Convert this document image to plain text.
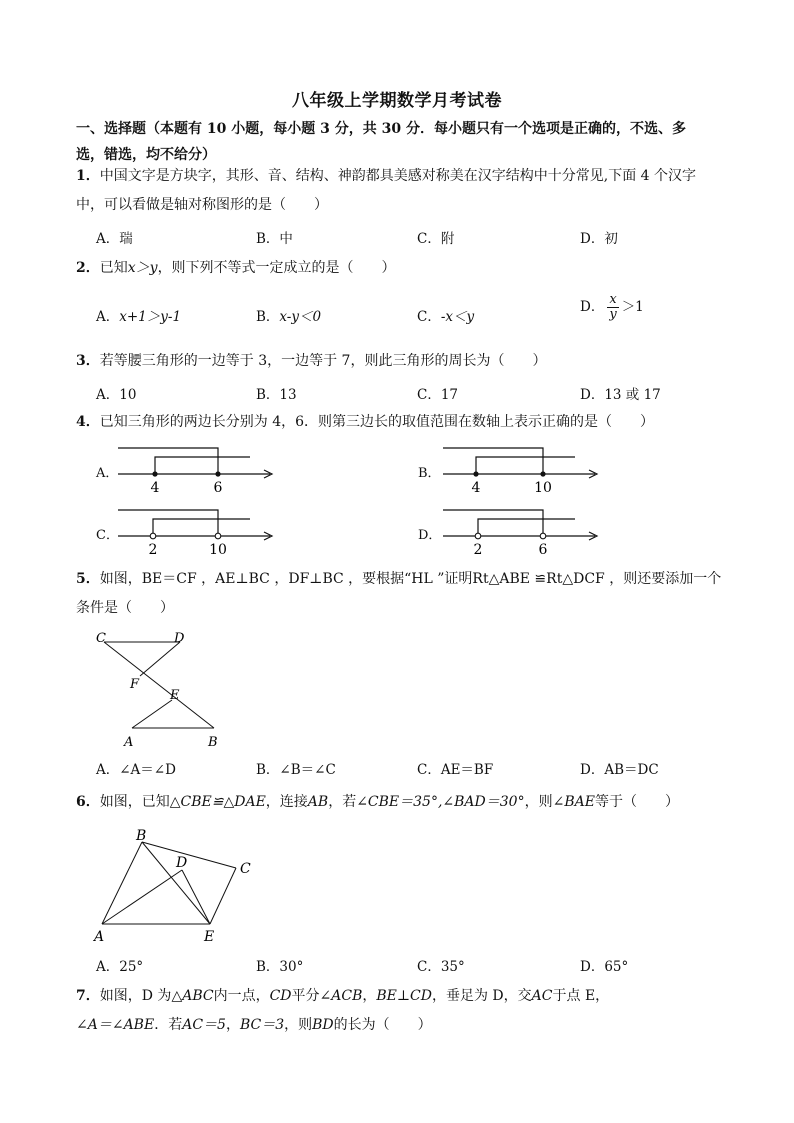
八年级上学期数学月考试卷
一、选择题（本题有 10 小题，每小题 3 分，共 30 分．每小题只有一个选项是正确的，不选、多
选，错选，均不给分）
1．中国文字是方块字，其形、音、结构、神韵都具美感对称美在汉字结构中十分常见,下面 4 个汉字
中，可以看做是轴对称图形的是（　　）
A．瑞	B．中	C．附	D．初
2．已知x＞y，则下列不等式一定成立的是（　　）
A．x+1＞y-1	B．x-y＜0	C．-x＜y
D． $\frac{x}{y} >1$
3．若等腰三角形的一边等于 3，一边等于 7，则此三角形的周长为（　　）
A．10	B．13	C．17	D．13 或 17
4．已知三角形的两边长分别为 4，6．则第三边长的取值范围在数轴上表示正确的是（　　）
A．
4	6
B．
4	10
C．
2	10
D．
2	6
5．如图，BE＝CF ，AE⊥BC ，DF⊥BC ，要根据“HL ”证明Rt△ABE ≌Rt△DCF ，则还要添加一个
条件是（　　）
C	D
F
E
A	B
A．∠A＝∠D	B．∠B＝∠C	C．AE＝BF	D．AB＝DC
6．如图，已知△CBE≌△DAE，连接AB，若∠CBE＝35°,∠BAD＝30°，则∠BAE等于（　　）
B
D	C
A	E
A．25°	B．30°	C．35°	D．65°
7．如图，D 为△ABC内一点，CD平分∠ACB，BE⊥CD，垂足为 D，交AC于点 E，
∠A＝∠ABE．若AC＝5，BC＝3，则BD的长为（　　）
